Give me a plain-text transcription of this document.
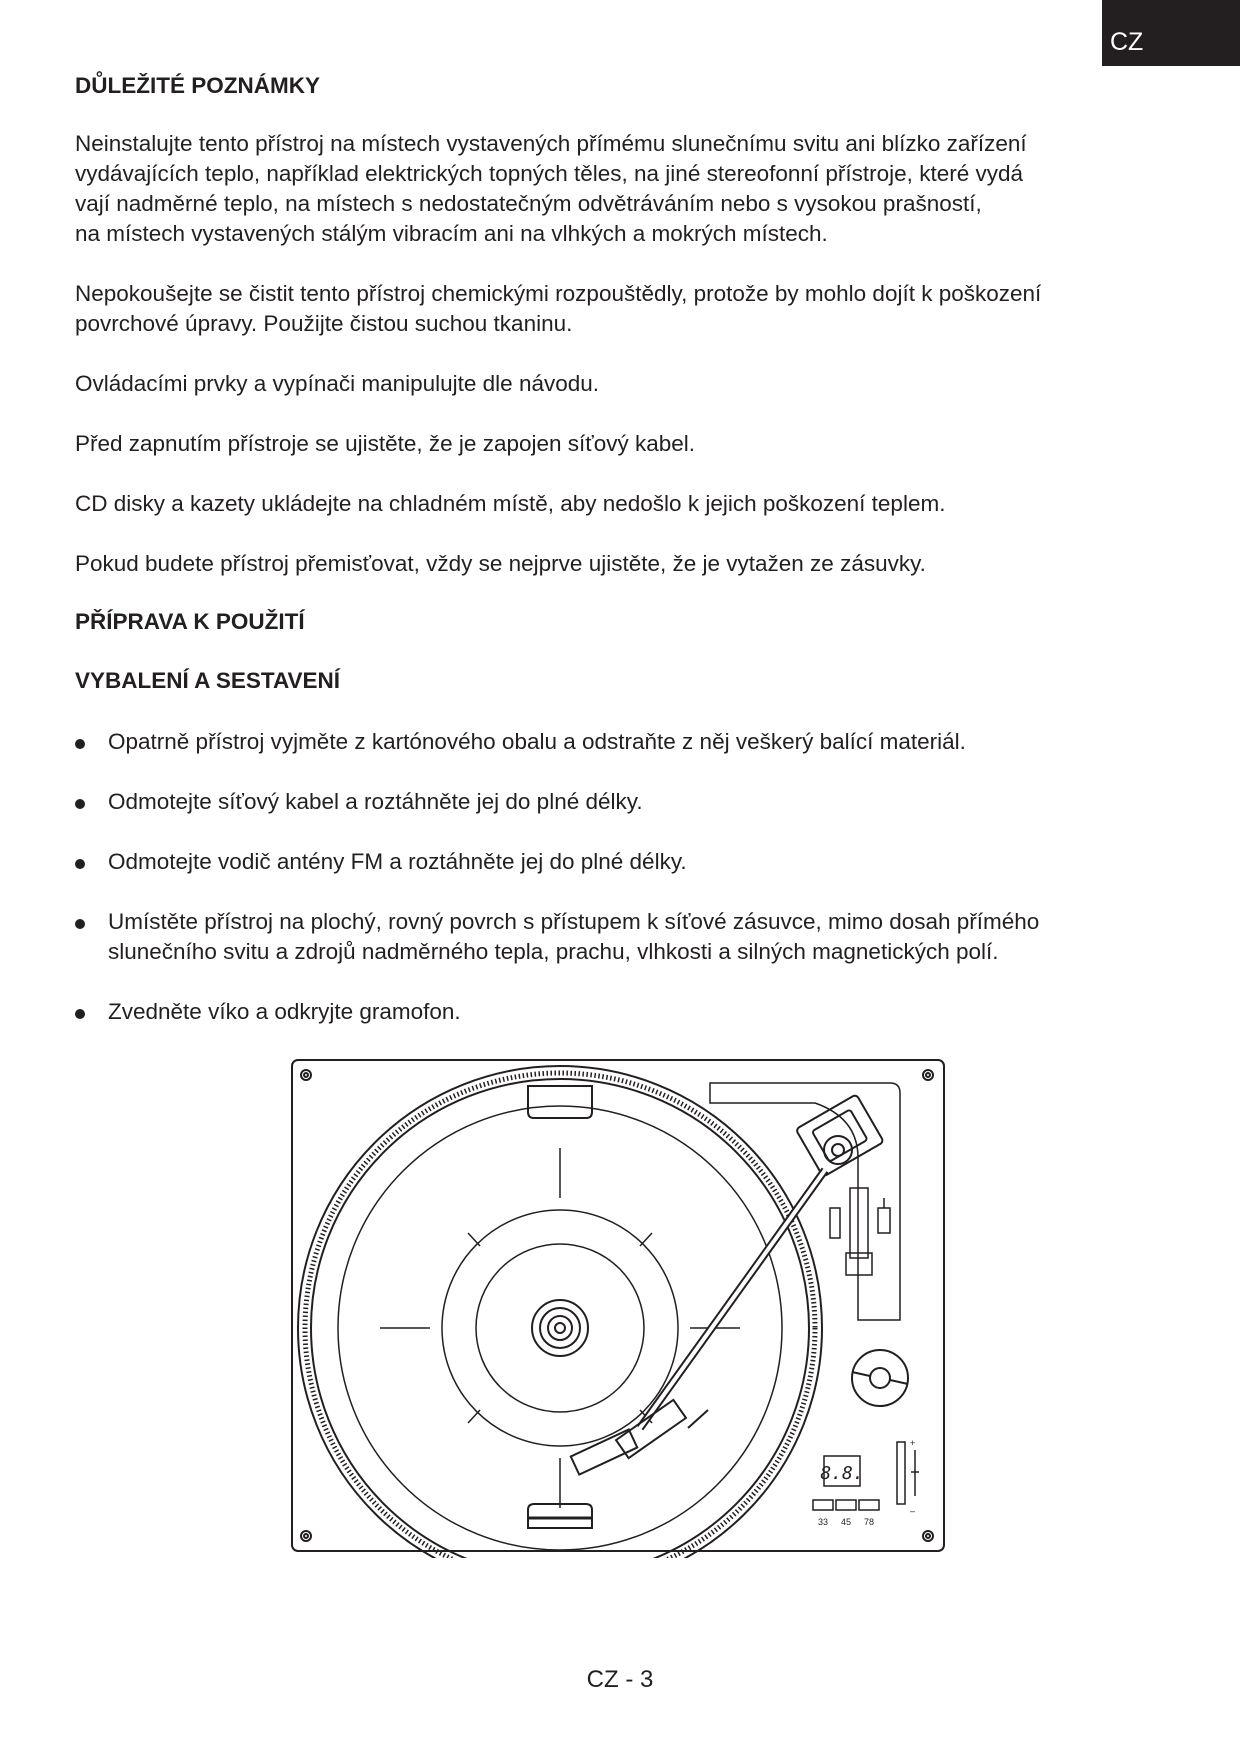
CZ
DŮLEŽITÉ POZNÁMKY

Neinstalujte tento přístroj na místech vystavených přímému slunečnímu svitu ani blízko zařízení

vydávajících teplo, například elektrických topných těles, na jiné stereofonní přístroje, které vydá

vají nadměrné teplo, na místech s nedostatečným odvětráváním nebo s vysokou prašností,

na místech vystavených stálým vibracím ani na vlhkých a mokrých místech.

Nepokoušejte se čistit tento přístroj chemickými rozpouštědly, protože by mohlo dojít k poškození

povrchové úpravy. Použijte čistou suchou tkaninu.

Ovládacími prvky a vypínači manipulujte dle návodu.

Před zapnutím přístroje se ujistěte, že je zapojen síťový kabel.

CD disky a kazety ukládejte na chladném místě, aby nedošlo k jejich poškození teplem.

Pokud budete přístroj přemisťovat, vždy se nejprve ujistěte, že je vytažen ze zásuvky.

PŘÍPRAVA K POUŽITÍ
VYBALENÍ A SESTAVENÍ
Opatrně přístroj vyjměte z kartónového obalu a odstraňte z něj veškerý balící materiál.
Odmotejte síťový kabel a roztáhněte jej do plné délky.
Odmotejte vodič antény FM a roztáhněte jej do plné délky.
Umístěte přístroj na plochý, rovný povrch s přístupem k síťové zásuvce, mimo dosah přímého
slunečního svitu a zdrojů nadměrného tepla, prachu, vlhkosti a silných magnetických polí.
Zvedněte víko a odkryjte gramofon.
8.8.
+
–
33 45 78
CZ - 3
